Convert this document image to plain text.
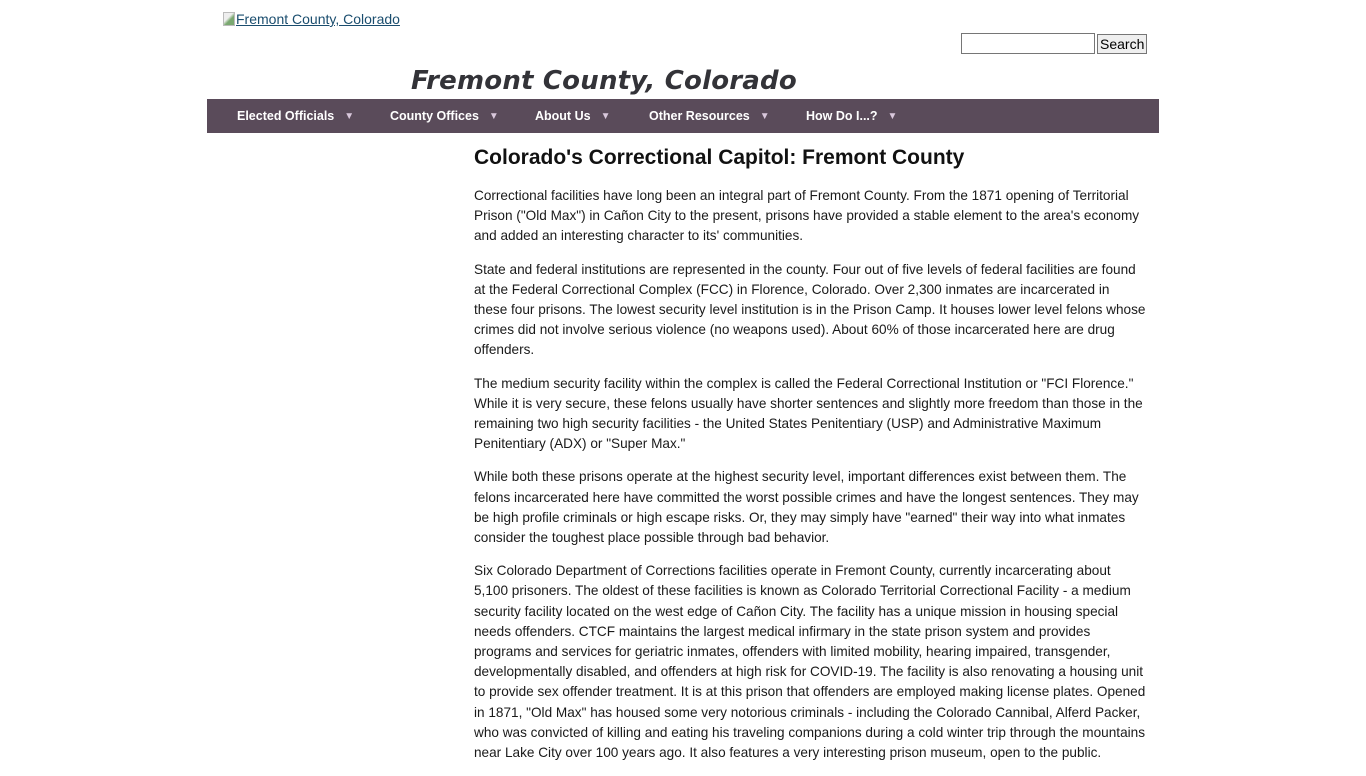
Fremont County, Colorado
Search
Fremont County, Colorado
Elected Officials ▼	County Offices ▼	About Us ▼	Other Resources ▼	How Do I...? ▼
Colorado's Correctional Capitol: Fremont County

Correctional facilities have long been an integral part of Fremont County. From the 1871 opening of Territorial Prison ("Old Max") in Cañon City to the present, prisons have provided a stable element to the area's economy and added an interesting character to its' communities.

State and federal institutions are represented in the county. Four out of five levels of federal facilities are found at the Federal Correctional Complex (FCC) in Florence, Colorado. Over 2,300 inmates are incarcerated in these four prisons. The lowest security level institution is in the Prison Camp. It houses lower level felons whose crimes did not involve serious violence (no weapons used). About 60% of those incarcerated here are drug offenders.

The medium security facility within the complex is called the Federal Correctional Institution or "FCI Florence." While it is very secure, these felons usually have shorter sentences and slightly more freedom than those in the remaining two high security facilities - the United States Penitentiary (USP) and Administrative Maximum Penitentiary (ADX) or "Super Max."

While both these prisons operate at the highest security level, important differences exist between them. The felons incarcerated here have committed the worst possible crimes and have the longest sentences. They may be high profile criminals or high escape risks. Or, they may simply have "earned" their way into what inmates consider the toughest place possible through bad behavior.

Six Colorado Department of Corrections facilities operate in Fremont County, currently incarcerating about 5,100 prisoners. The oldest of these facilities is known as Colorado Territorial Correctional Facility - a medium security facility located on the west edge of Cañon City. The facility has a unique mission in housing special needs offenders. CTCF maintains the largest medical infirmary in the state prison system and provides programs and services for geriatric inmates, offenders with limited mobility, hearing impaired, transgender, developmentally disabled, and offenders at high risk for COVID-19. The facility is also renovating a housing unit to provide sex offender treatment. It is at this prison that offenders are employed making license plates. Opened in 1871, "Old Max" has housed some very notorious criminals - including the Colorado Cannibal, Alferd Packer, who was convicted of killing and eating his traveling companions during a cold winter trip through the mountains near Lake City over 100 years ago. It also features a very interesting prison museum, open to the public.
